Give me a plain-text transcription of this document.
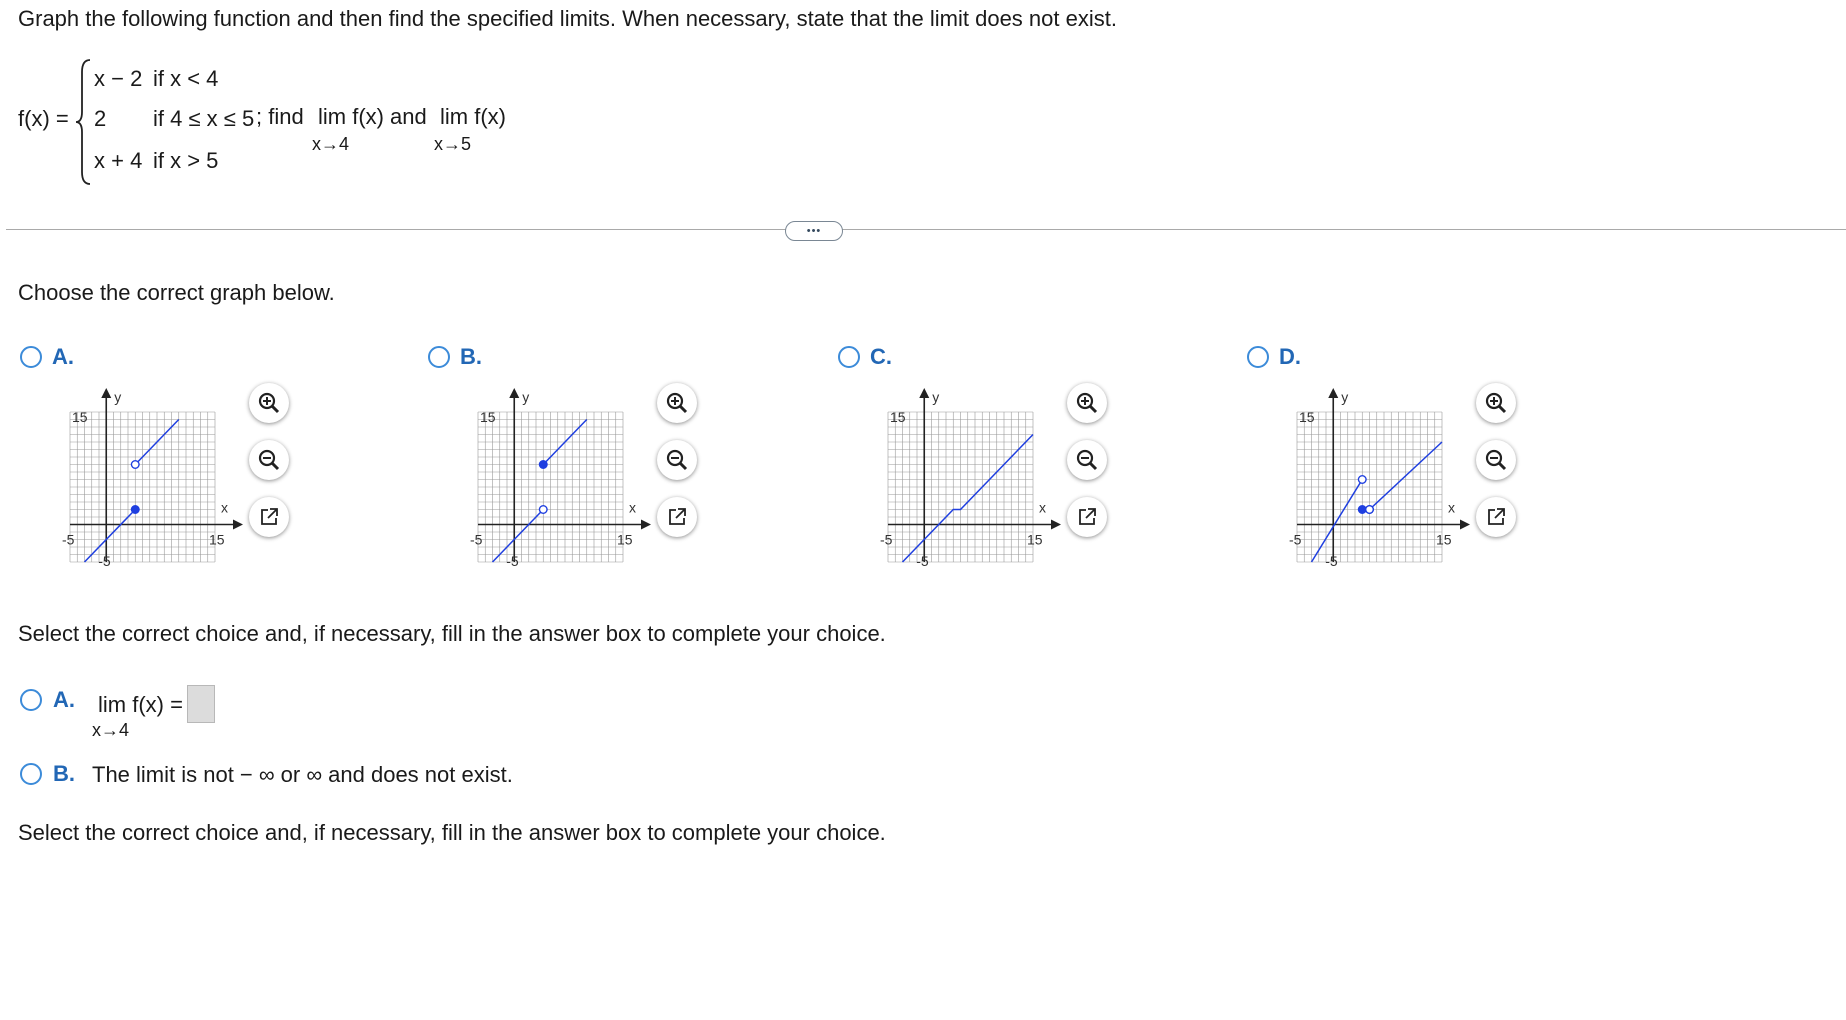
Graph the following function and then find the specified limits. When necessary, state that the limit does not exist.
f(x) =
x − 2 if x < 4
2 if 4 ≤ x ≤ 5
x + 4 if x > 5
; find lim f(x)
x→4
and lim f(x)
x→5
•••
Choose the correct graph below.
A.
y
x
15
-5	15
-5
B.
y
x
15
-5	15
-5
C.
y
x
15
-5	15
-5
D.
y
x
15
-5	15
-5
Select the correct choice and, if necessary, fill in the answer box to complete your choice.
A. lim f(x) =
x→4
B. The limit is not − ∞ or ∞ and does not exist.
Select the correct choice and, if necessary, fill in the answer box to complete your choice.
